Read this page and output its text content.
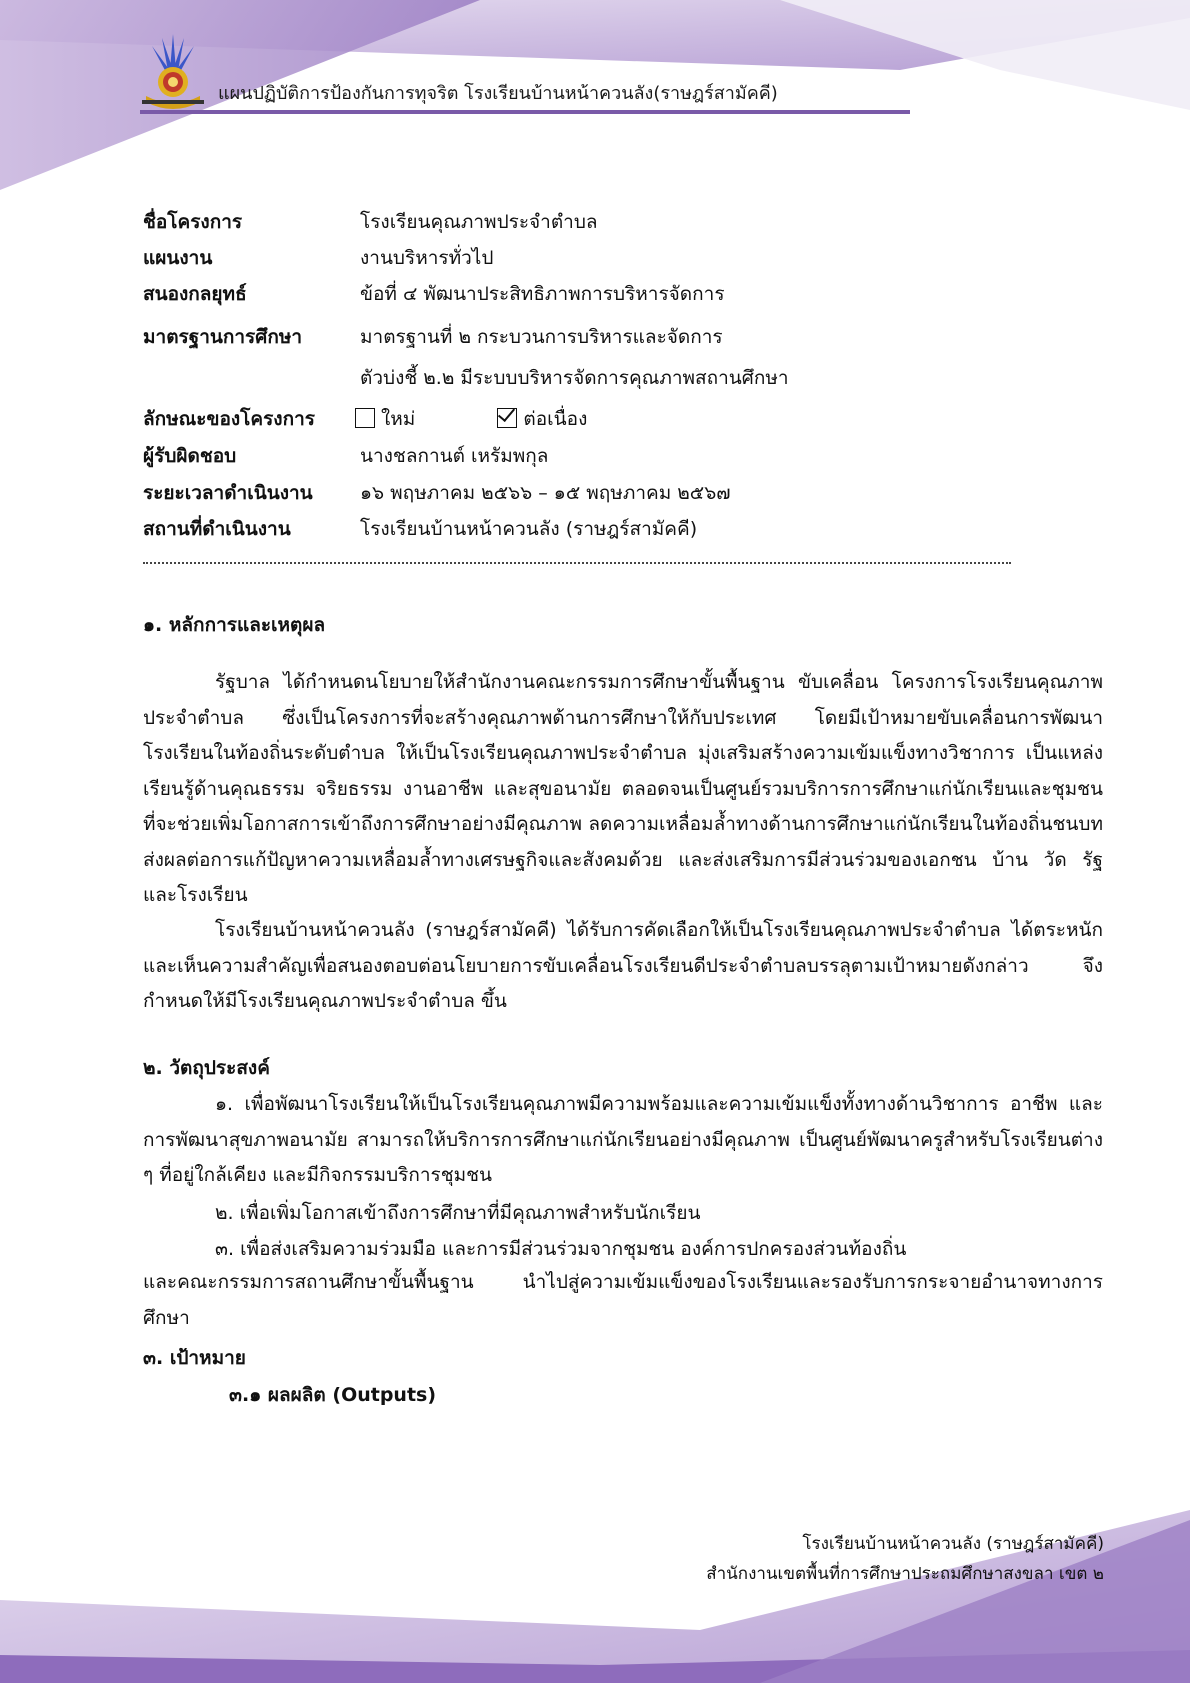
แผนปฏิบัติการป้องกันการทุจริต โรงเรียนบ้านหน้าควนลัง(ราษฎร์สามัคคี)
ชื่อโครงการ	โรงเรียนคุณภาพประจำตำบล
แผนงาน	งานบริหารทั่วไป
สนองกลยุทธ์	ข้อที่ ๔ พัฒนาประสิทธิภาพการบริหารจัดการ
มาตรฐานการศึกษา	มาตรฐานที่ ๒ กระบวนการบริหารและจัดการ
ตัวบ่งชี้ ๒.๒ มีระบบบริหารจัดการคุณภาพสถานศึกษา
ลักษณะของโครงการ	ใหม่	ต่อเนื่อง
ผู้รับผิดชอบ	นางชลกานต์ เหรัมพกุล
ระยะเวลาดำเนินงาน ๑๖ พฤษภาคม ๒๕๖๖ – ๑๕ พฤษภาคม ๒๕๖๗
สถานที่ดำเนินงาน	โรงเรียนบ้านหน้าควนลัง (ราษฎร์สามัคคี)
๑. หลักการและเหตุผล
รัฐบาล ได้กำหนดนโยบายให้สำนักงานคณะกรรมการศึกษาขั้นพื้นฐาน ขับเคลื่อน โครงการโรงเรียนคุณภาพประจำตำบล ซึ่งเป็นโครงการที่จะสร้างคุณภาพด้านการศึกษาให้กับประเทศ โดยมีเป้าหมายขับเคลื่อนการพัฒนาโรงเรียนในท้องถิ่นระดับตำบล ให้เป็นโรงเรียนคุณภาพประจำตำบล มุ่งเสริมสร้างความเข้มแข็งทางวิชาการ เป็นแหล่งเรียนรู้ด้านคุณธรรม จริยธรรม งานอาชีพ และสุขอนามัย ตลอดจนเป็นศูนย์รวมบริการการศึกษาแก่นักเรียนและชุมชน ที่จะช่วยเพิ่มโอกาสการเข้าถึงการศึกษาอย่างมีคุณภาพ ลดความเหลื่อมล้ำทางด้านการศึกษาแก่นักเรียนในท้องถิ่นชนบท ส่งผลต่อการแก้ปัญหาความเหลื่อมล้ำทางเศรษฐกิจและสังคมด้วย และส่งเสริมการมีส่วนร่วมของเอกชน บ้าน วัด รัฐ และโรงเรียน
โรงเรียนบ้านหน้าควนลัง (ราษฎร์สามัคคี) ได้รับการคัดเลือกให้เป็นโรงเรียนคุณภาพประจำตำบล ได้ตระหนักและเห็นความสำคัญเพื่อสนองตอบต่อนโยบายการขับเคลื่อนโรงเรียนดีประจำตำบลบรรลุตามเป้าหมายดังกล่าว จึงกำหนดให้มีโรงเรียนคุณภาพประจำตำบล ขึ้น
๒. วัตถุประสงค์
๑. เพื่อพัฒนาโรงเรียนให้เป็นโรงเรียนคุณภาพมีความพร้อมและความเข้มแข็งทั้งทางด้านวิชาการ อาชีพ และการพัฒนาสุขภาพอนามัย สามารถให้บริการการศึกษาแก่นักเรียนอย่างมีคุณภาพ เป็นศูนย์พัฒนาครูสำหรับโรงเรียนต่าง ๆ ที่อยู่ใกล้เคียง และมีกิจกรรมบริการชุมชน
๒. เพื่อเพิ่มโอกาสเข้าถึงการศึกษาที่มีคุณภาพสำหรับนักเรียน
๓. เพื่อส่งเสริมความร่วมมือ และการมีส่วนร่วมจากชุมชน องค์การปกครองส่วนท้องถิ่น
และคณะกรรมการสถานศึกษาขั้นพื้นฐาน นำไปสู่ความเข้มแข็งของโรงเรียนและรองรับการกระจายอำนาจทางการศึกษา
๓. เป้าหมาย
๓.๑ ผลผลิต (Outputs)
โรงเรียนบ้านหน้าควนลัง (ราษฎร์สามัคคี)
สำนักงานเขตพื้นที่การศึกษาประถมศึกษาสงขลา เขต ๒
